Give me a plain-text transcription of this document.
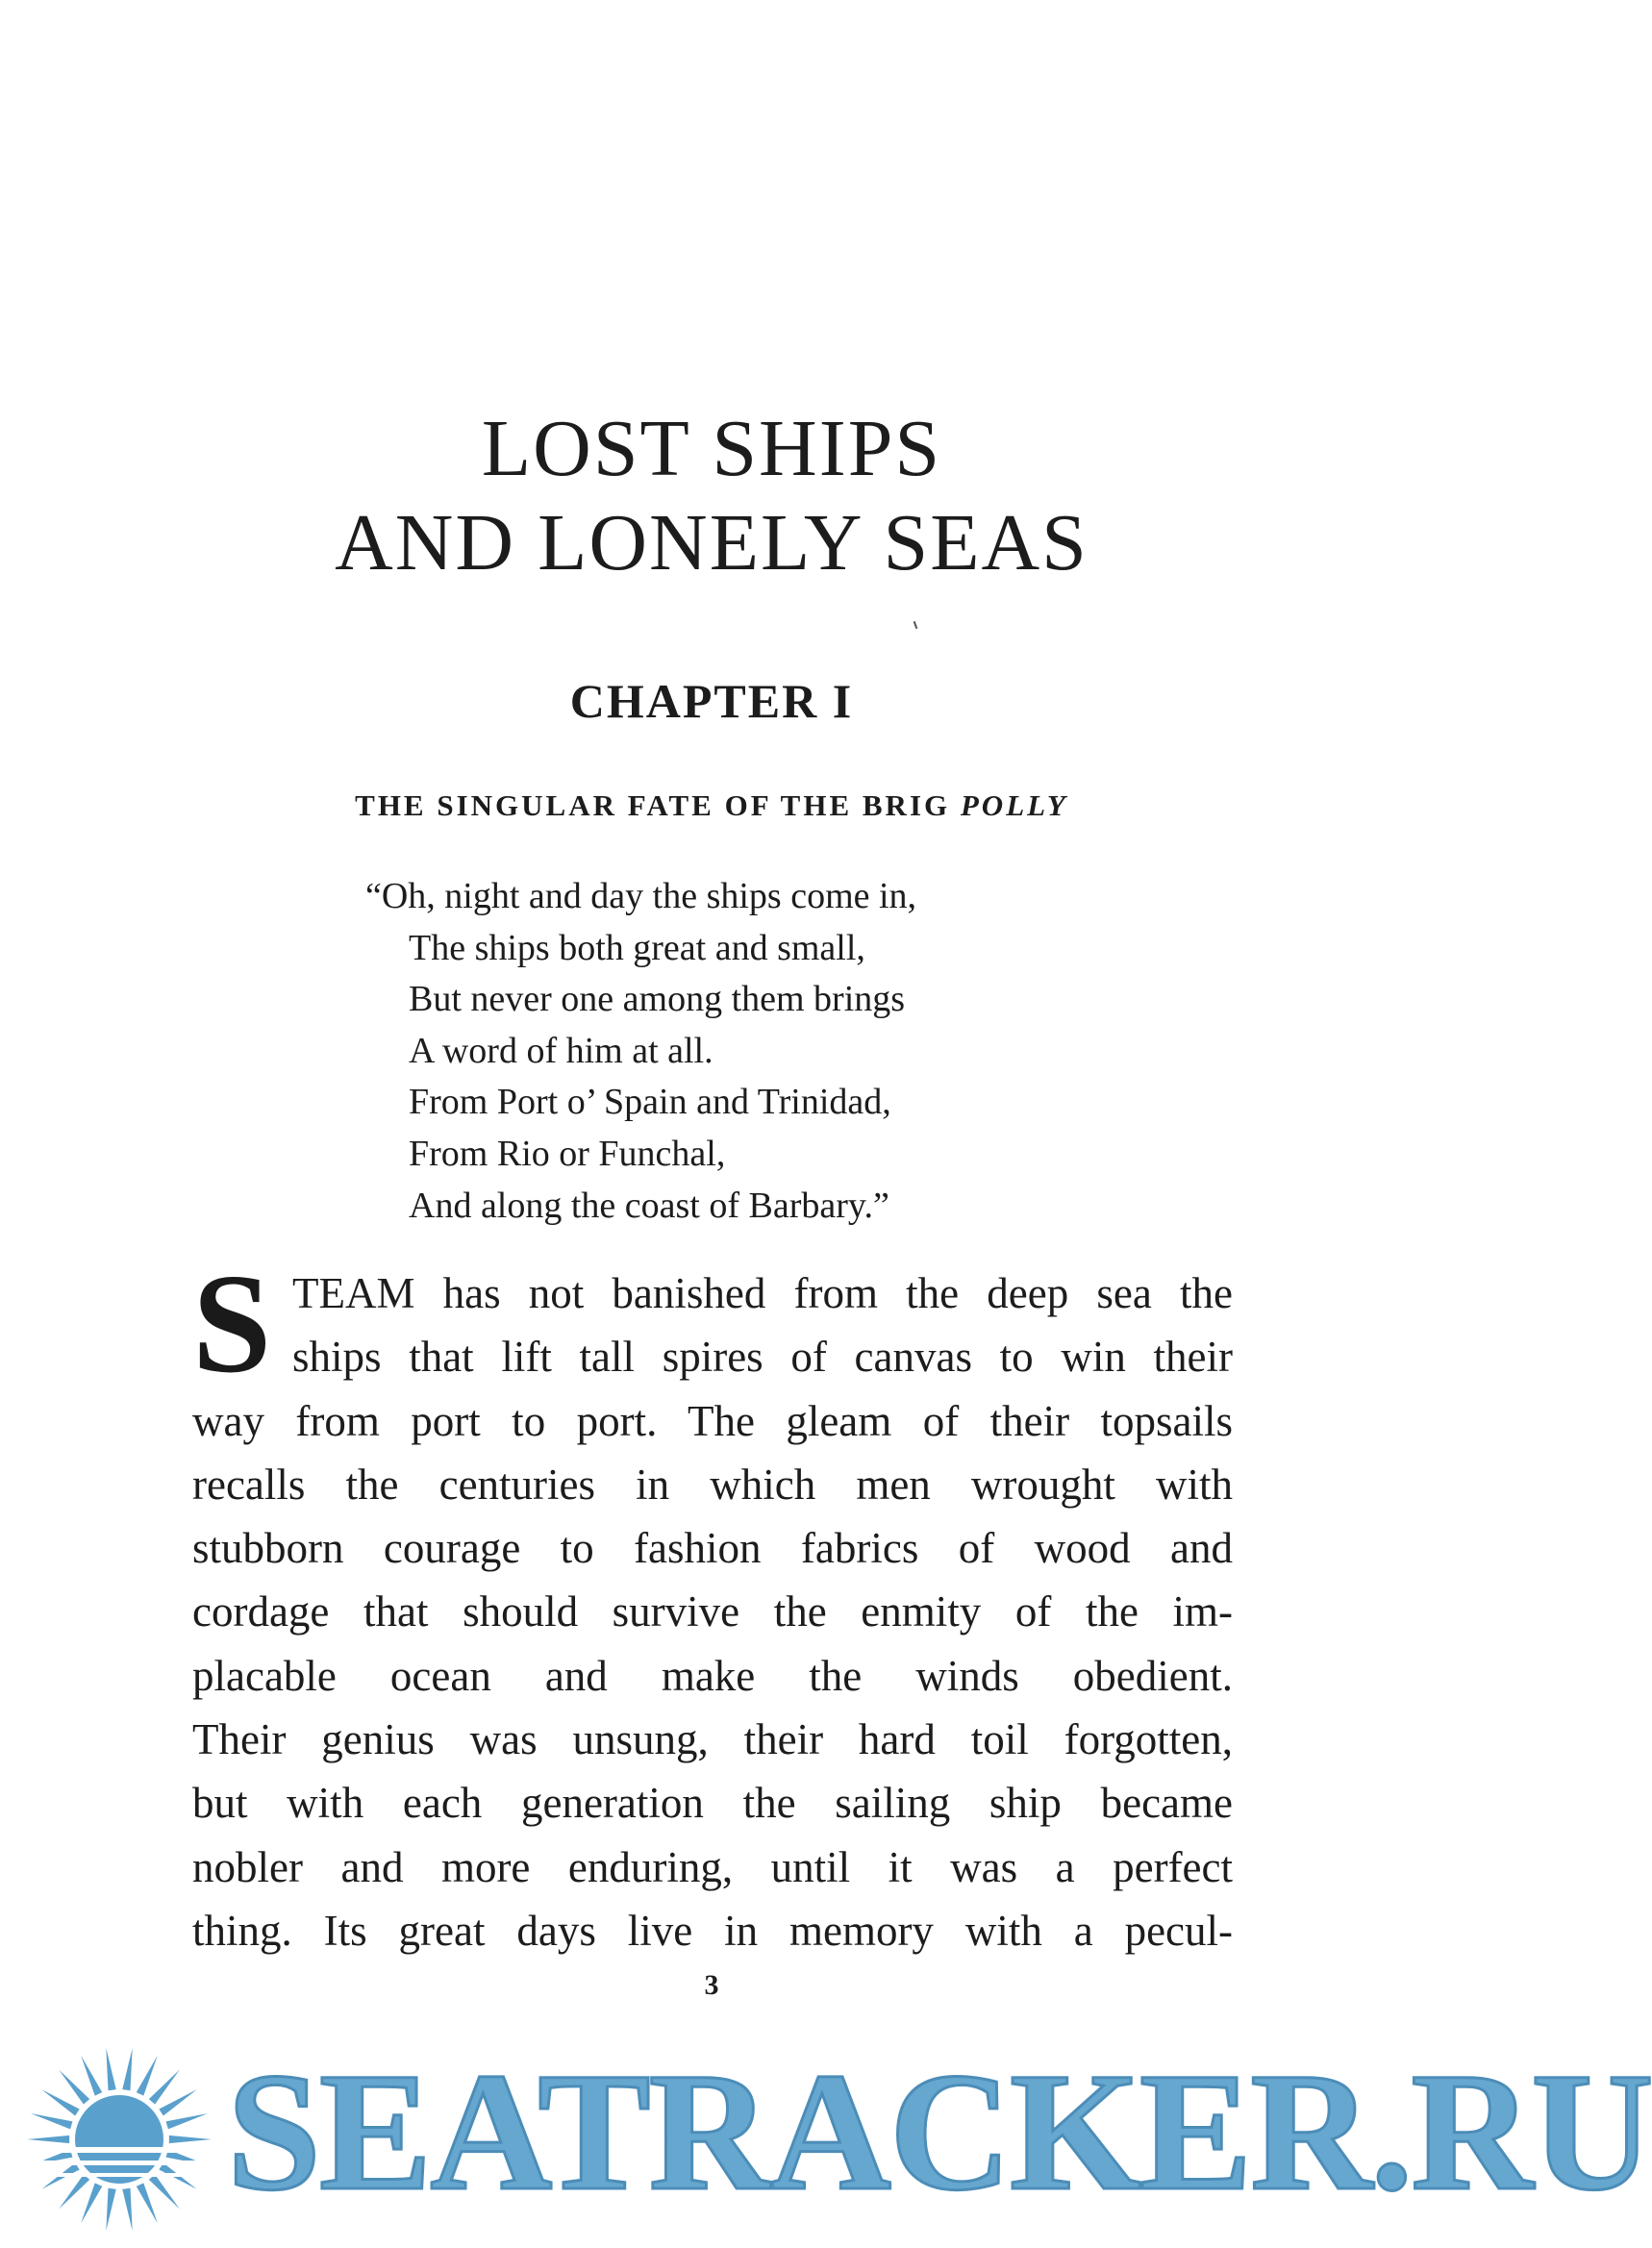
LOST SHIPS
AND LONELY SEAS
CHAPTER I
THE SINGULAR FATE OF THE BRIG POLLY
“Oh, night and day the ships come in,
The ships both great and small,
But never one among them brings
A word of him at all.
From Port o’ Spain and Trinidad,
From Rio or Funchal,
And along the coast of Barbary.”
S TEAM has not banished from the deep sea the
ships that lift tall spires of canvas to win their
way from port to port. The gleam of their topsails
recalls the centuries in which men wrought with
stubborn courage to fashion fabrics of wood and
cordage that should survive the enmity of the im-
placable ocean and make the winds obedient.
Their genius was unsung, their hard toil forgotten,
but with each generation the sailing ship became
nobler and more enduring, until it was a perfect
thing. Its great days live in memory with a pecul-
3
SEATRACKER.RU
